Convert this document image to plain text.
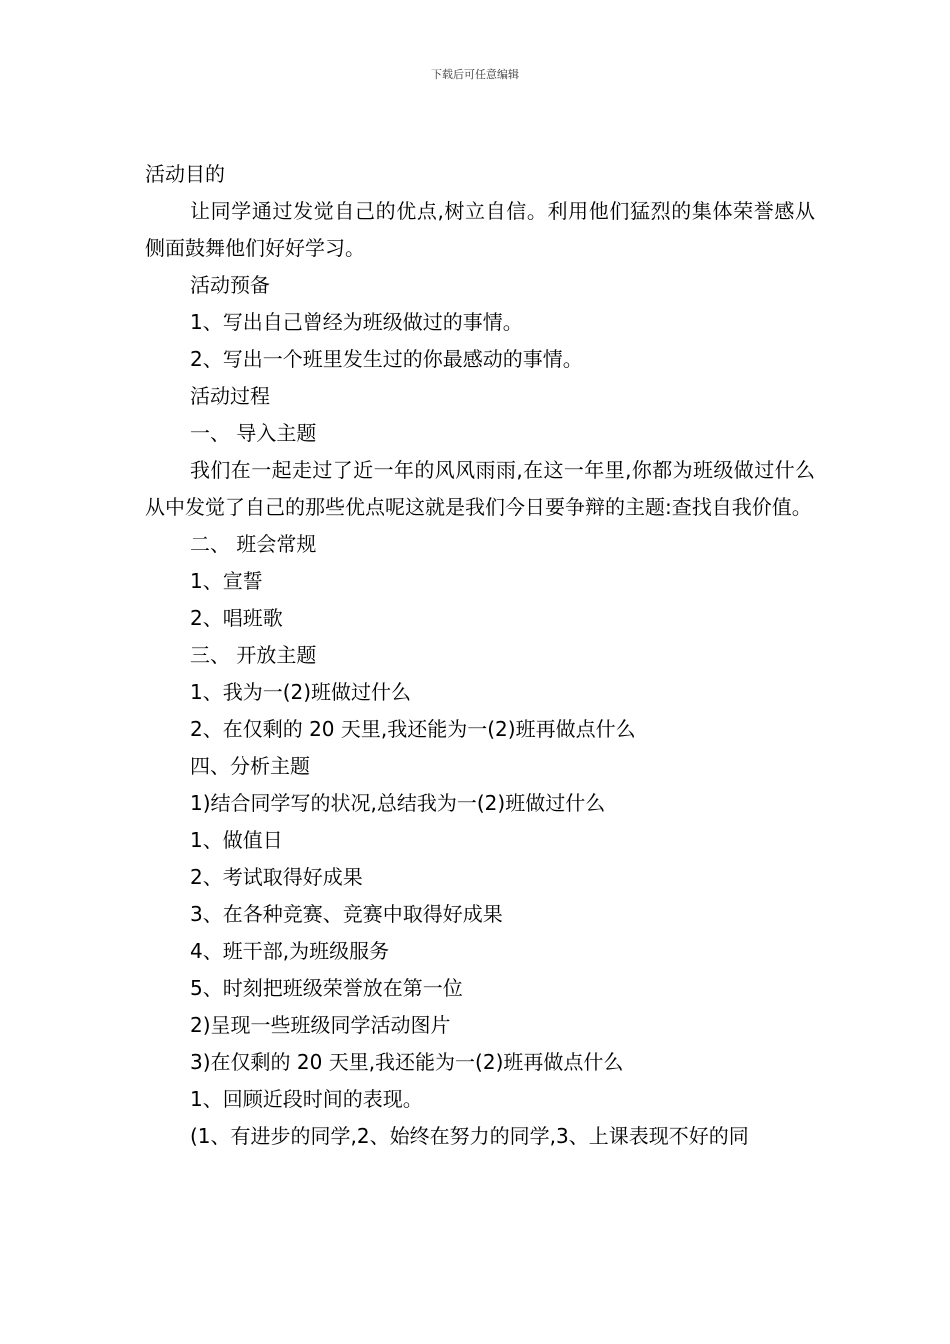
下载后可任意编辑
活动目的
让同学通过发觉自己的优点,树立自信。利用他们猛烈的集体荣誉感从侧面鼓舞他们好好学习。
活动预备
1、写出自己曾经为班级做过的事情。
2、写出一个班里发生过的你最感动的事情。
活动过程
一、 导入主题
我们在一起走过了近一年的风风雨雨,在这一年里,你都为班级做过什么从中发觉了自己的那些优点呢这就是我们今日要争辩的主题:查找自我价值。
二、 班会常规
1、宣誓
2、唱班歌
三、 开放主题
1、我为一(2)班做过什么
2、在仅剩的 20 天里,我还能为一(2)班再做点什么
四、分析主题
1)结合同学写的状况,总结我为一(2)班做过什么
1、做值日
2、考试取得好成果
3、在各种竞赛、竞赛中取得好成果
4、班干部,为班级服务
5、时刻把班级荣誉放在第一位
2)呈现一些班级同学活动图片
3)在仅剩的 20 天里,我还能为一(2)班再做点什么
1、回顾近段时间的表现。
(1、有进步的同学,2、始终在努力的同学,3、上课表现不好的同
